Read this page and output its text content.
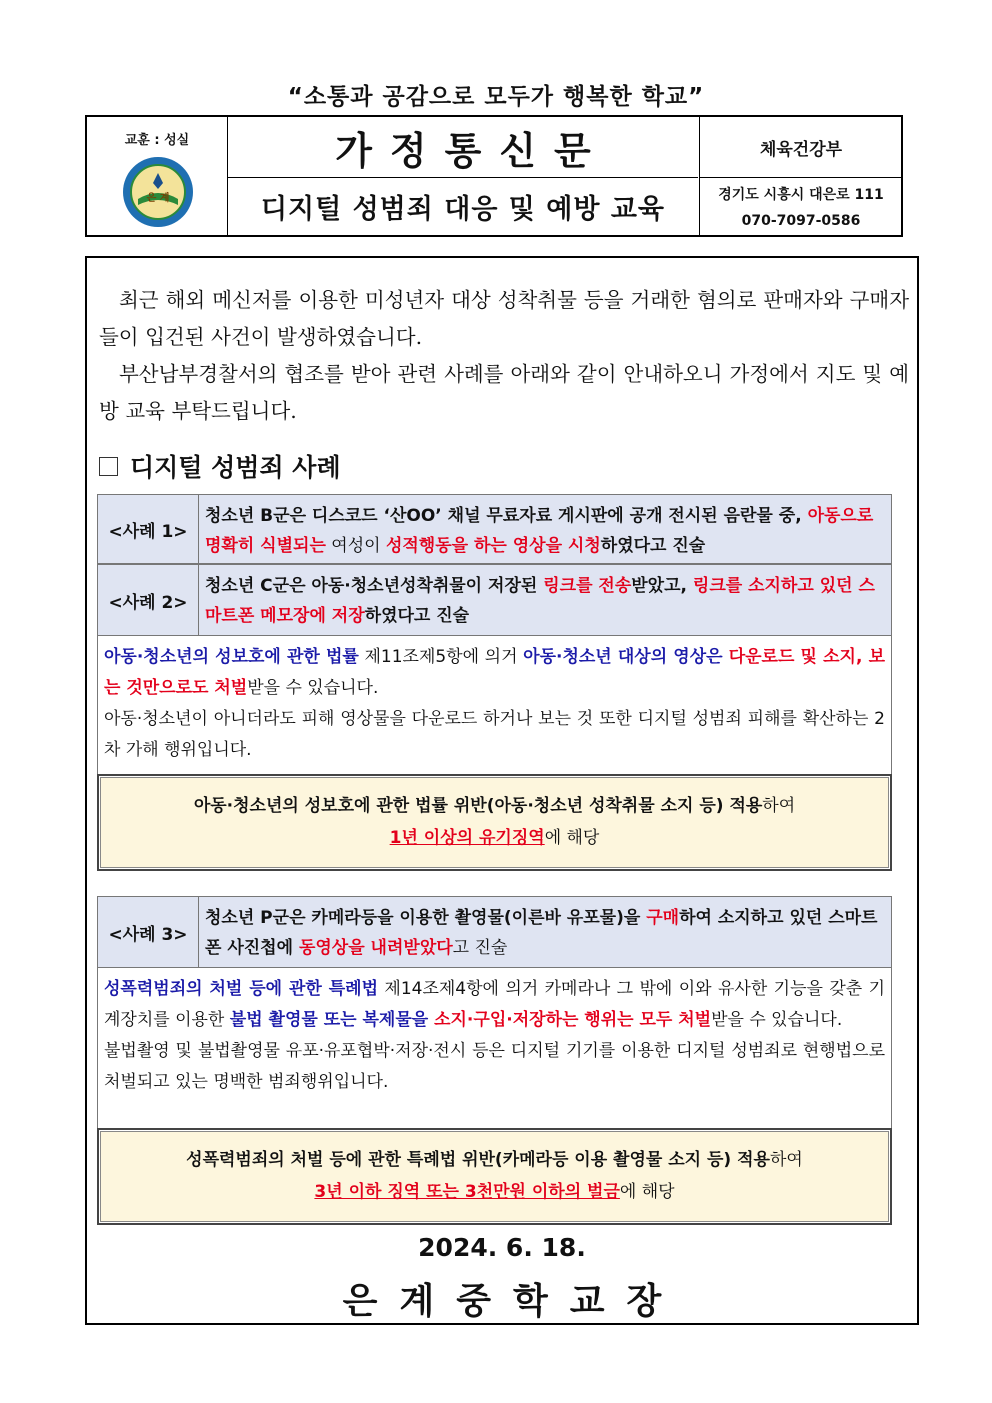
“소통과 공감으로 모두가 행복한 학교”
교훈 : 성실
은 계
가정통신문
디지털 성범죄 대응 및 예방 교육
체육건강부
경기도 시흥시 대은로 111
070-7097-0586

최근 해외 메신저를 이용한 미성년자 대상 성착취물 등을 거래한 혐의로 판매자와 구매자들이 입건된 사건이 발생하였습니다.

부산남부경찰서의 협조를 받아 관련 사례를 아래와 같이 안내하오니 가정에서 지도 및 예방 교육 부탁드립니다.

디지털 성범죄 사례
<사례 1>
청소년 B군은 디스코드 ‘산OO’ 채널 무료자료 게시판에 공개 전시된 음란물 중, 아동으로 명확히 식별되는 여성이 성적행동을 하는 영상을 시청하였다고 진술
<사례 2>
청소년 C군은 아동·청소년성착취물이 저장된 링크를 전송받았고, 링크를 소지하고 있던 스마트폰 메모장에 저장하였다고 진술
아동·청소년의 성보호에 관한 법률 제11조제5항에 의거 아동·청소년 대상의 영상은 다운로드 및 소지, 보는 것만으로도 처벌받을 수 있습니다.
아동·청소년이 아니더라도 피해 영상물을 다운로드 하거나 보는 것 또한 디지털 성범죄 피해를 확산하는 2차 가해 행위입니다.
아동·청소년의 성보호에 관한 법률 위반(아동·청소년 성착취물 소지 등) 적용하여
1년 이상의 유기징역에 해당
<사례 3>
청소년 P군은 카메라등을 이용한 촬영물(이른바 유포물)을 구매하여 소지하고 있던 스마트폰 사진첩에 동영상을 내려받았다고 진술
성폭력범죄의 처벌 등에 관한 특례법 제14조제4항에 의거 카메라나 그 밖에 이와 유사한 기능을 갖춘 기계장치를 이용한 불법 촬영물 또는 복제물을 소지·구입·저장하는 행위는 모두 처벌받을 수 있습니다.
불법촬영 및 불법촬영물 유포·유포협박·저장·전시 등은 디지털 기기를 이용한 디지털 성범죄로 현행법으로 처벌되고 있는 명백한 범죄행위입니다.
성폭력범죄의 처벌 등에 관한 특례법 위반(카메라등 이용 촬영물 소지 등) 적용하여
3년 이하 징역 또는 3천만원 이하의 벌금에 해당
2024. 6. 18.
은계중학교장
